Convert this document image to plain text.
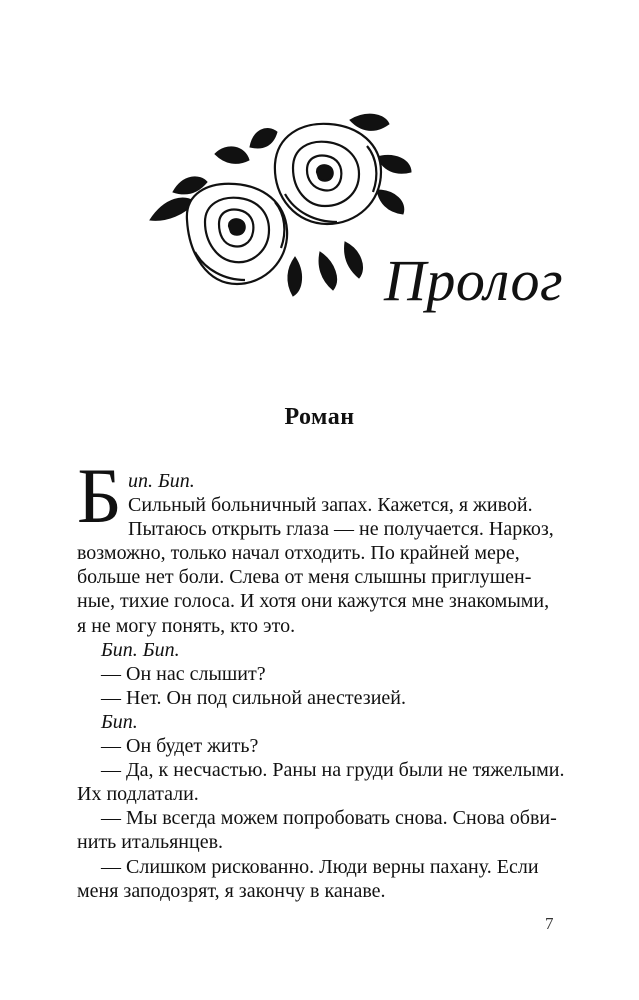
Пролог
Роман
Б ип. Бип.
Сильный больничный запах. Кажется, я живой.
Пытаюсь открыть глаза — не получается. Наркоз,
возможно, только начал отходить. По крайней мере,
больше нет боли. Слева от меня слышны приглушен-
ные, тихие голоса. И хотя они кажутся мне знакомыми,
я не могу понять, кто это.
Бип. Бип.
— Он нас слышит?
— Нет. Он под сильной анестезией.
Бип.
— Он будет жить?
— Да, к несчастью. Раны на груди были не тяжелыми.
Их подлатали.
— Мы всегда можем попробовать снова. Снова обви-
нить итальянцев.
— Слишком рискованно. Люди верны пахану. Если
меня заподозрят, я закончу в канаве.
7
